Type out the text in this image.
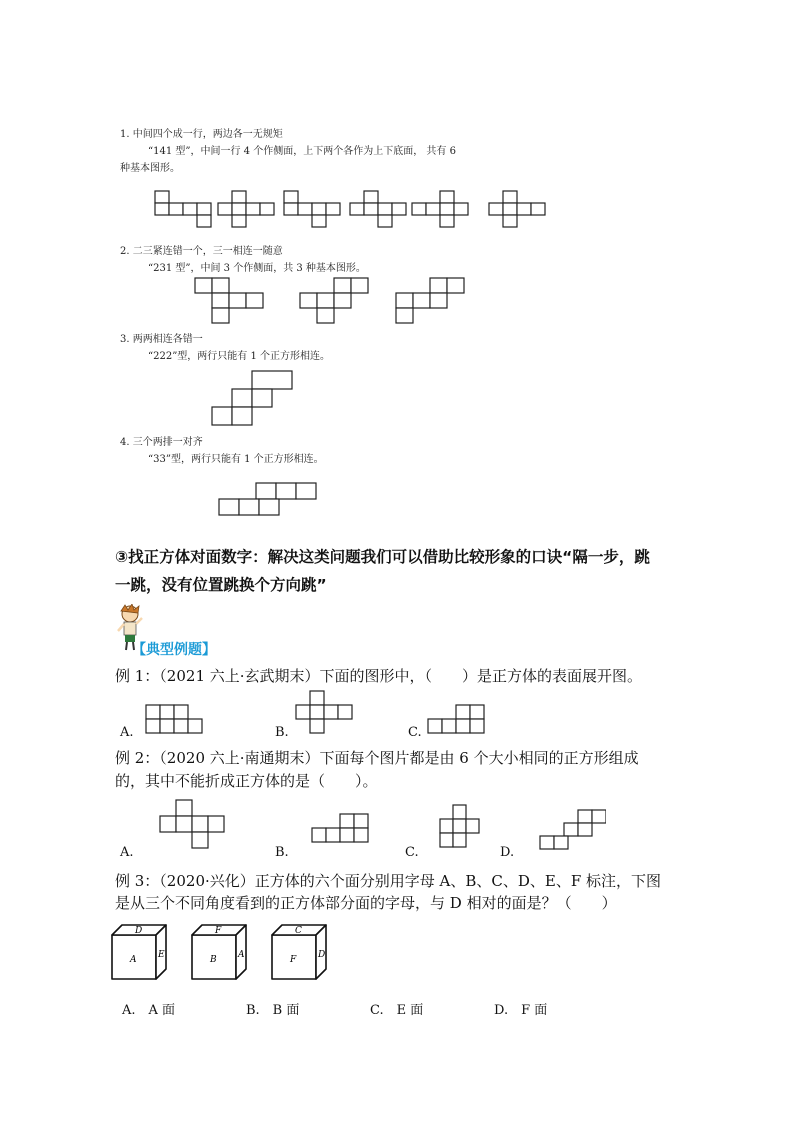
1. 中间四个成一行，两边各一无规矩
“141 型”，中间一行 4 个作侧面，上下两个各作为上下底面， 共有 6
种基本图形。
2. 二三紧连错一个，三一相连一随意
“231 型”，中间 3 个作侧面，共 3 种基本图形。
3. 两两相连各错一
“222”型，两行只能有 1 个正方形相连。
4. 三个两排一对齐
“33”型，两行只能有 1 个正方形相连。
③找正方体对面数字：解决这类问题我们可以借助比较形象的口诀“隔一步，跳
一跳，没有位置跳换个方向跳”
【典型例题】
例 1：（2021 六上·玄武期末）下面的图形中，（　　）是正方体的表面展开图。
A.	B.	C.
例 2：（2020 六上·南通期末）下面每个图片都是由 6 个大小相同的正方形组成
的，其中不能折成正方体的是（　　）。
A.	B.	C.	D.
例 3：（2020·兴化）正方体的六个面分别用字母 A、B、C、D、E、F 标注，下图
是从三个不同角度看到的正方体部分面的字母，与 D 相对的面是？（　　）
D
A E
F
B A
C
F D
A.　A 面	B.　B 面	C.　E 面	D.　F 面
